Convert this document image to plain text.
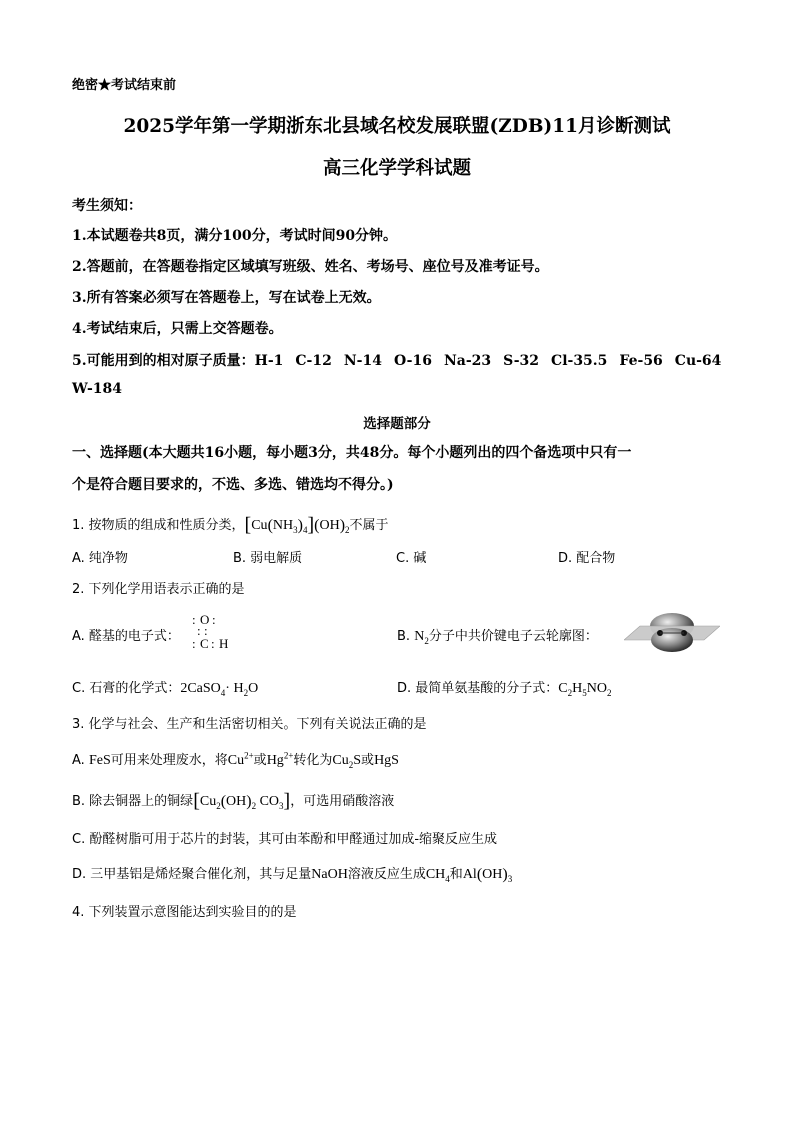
绝密★考试结束前
2025学年第一学期浙东北县域名校发展联盟(ZDB)11月诊断测试
高三化学学科试题
考生须知：
1.本试题卷共8页，满分100分，考试时间90分钟。
2.答题前，在答题卷指定区域填写班级、姓名、考场号、座位号及准考证号。
3.所有答案必须写在答题卷上，写在试卷上无效。
4.考试结束后，只需上交答题卷。
5.可能用到的相对原子质量：H-1 C-12 N-14 O-16 Na-23 S-32 Cl-35.5 Fe-56 Cu-64
W-184
选择题部分
一、选择题(本大题共16小题，每小题3分，共48分。每个小题列出的四个备选项中只有一
个是符合题目要求的，不选、多选、错选均不得分。)
1. 按物质的组成和性质分类，$[Cu(NH_3)_4](OH)_2$不属于
A. 纯净物	B. 弱电解质	C. 碱	D. 配合物
2. 下列化学用语表示正确的是
A. 醛基的电子式：
: O :
: :
: C : H	B. $N_2$分子中共价键电子云轮廓图：
C. 石膏的化学式：2CaSO$_4$· $H_2O$	D. 最简单氨基酸的分子式：$C_2H_5NO_2$
3. 化学与社会、生产和生活密切相关。下列有关说法正确的是
A. FeS可用来处理废水，将$Cu^{2+}$或$Hg^{2+}$转化为$Cu_2S$或HgS
B. 除去铜器上的铜绿[$Cu_2(OH)_2$ $CO_3$]，可选用硝酸溶液
C. 酚醛树脂可用于芯片的封装，其可由苯酚和甲醛通过加成-缩聚反应生成
D. 三甲基铝是烯烃聚合催化剂，其与足量NaOH溶液反应生成$CH_4$和$Al(OH)_3$
4. 下列装置示意图能达到实验目的的是
